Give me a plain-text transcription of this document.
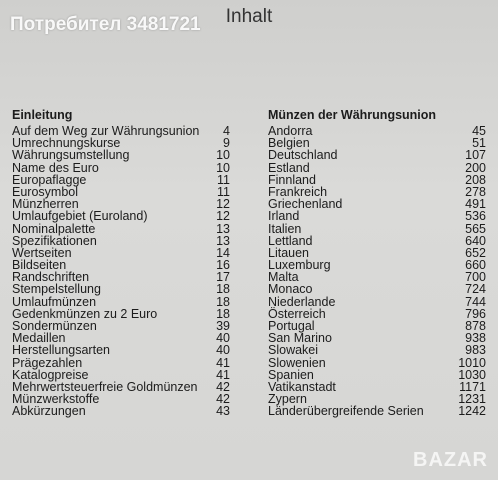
Inhalt
Потребител 3481721
Einleitung
Auf dem Weg zur Währungsunion	4
Umrechnungskurse	9
Währungsumstellung	10
Name des Euro	10
Europaflagge	11
Eurosymbol	11
Münzherren	12
Umlaufgebiet (Euroland)	12
Nominalpalette	13
Spezifikationen	13
Wertseiten	14
Bildseiten	16
Randschriften	17
Stempelstellung	18
Umlaufmünzen	18
Gedenkmünzen zu 2 Euro	18
Sondermünzen	39
Medaillen	40
Herstellungsarten	40
Prägezahlen	41
Katalogpreise	41
Mehrwertsteuerfreie Goldmünzen	42
Münzwerkstoffe	42
Abkürzungen	43
Münzen der Währungsunion
Andorra	45
Belgien	51
Deutschland	107
Estland	200
Finnland	208
Frankreich	278
Griechenland	491
Irland	536
Italien	565
Lettland	640
Litauen	652
Luxemburg	660
Malta	700
Monaco	724
Niederlande	744
Österreich	796
Portugal	878
San Marino	938
Slowakei	983
Slowenien	1010
Spanien	1030
Vatikanstadt	1171
Zypern	1231
Länderübergreifende Serien	1242
BAZAR
